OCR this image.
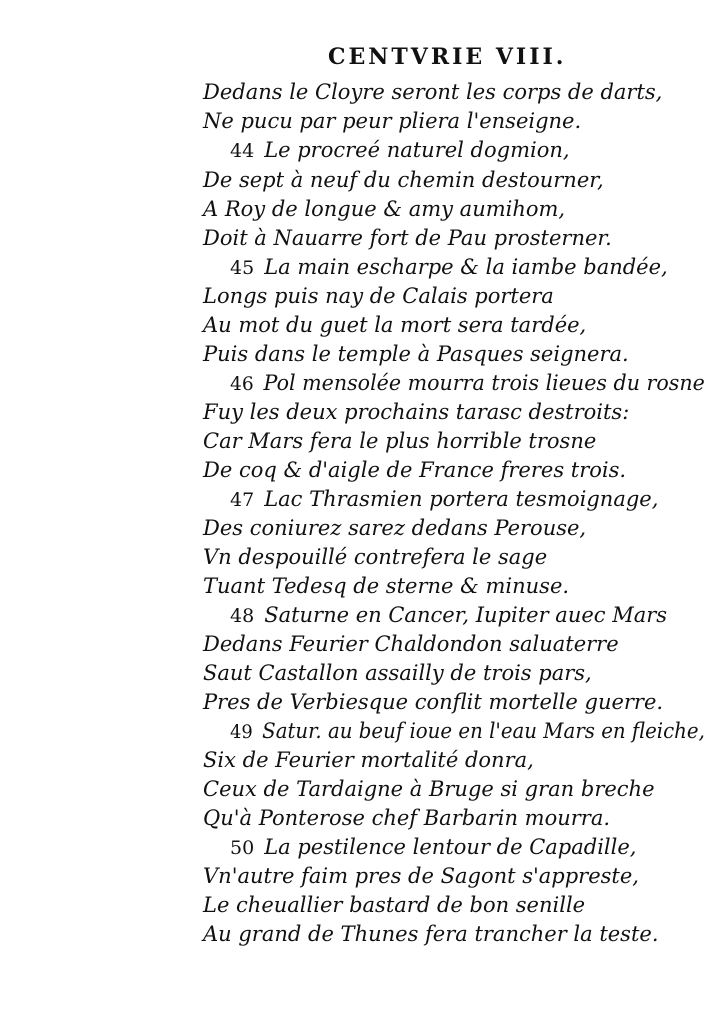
CENTVRIE VIII.
Dedans le Cloyre seront les corps de darts,
Ne pucu par peur pliera l'enseigne.
44 Le procreé naturel dogmion,
De sept à neuf du chemin destourner,
A Roy de longue & amy aumihom,
Doit à Nauarre fort de Pau prosterner.
45 La main escharpe & la iambe bandée,
Longs puis nay de Calais portera
Au mot du guet la mort sera tardée,
Puis dans le temple à Pasques seignera.
46 Pol mensolée mourra trois lieues du rosne
Fuy les deux prochains tarasc destroits:
Car Mars fera le plus horrible trosne
De coq & d'aigle de France freres trois.
47 Lac Thrasmien portera tesmoignage,
Des coniurez sarez dedans Perouse,
Vn despouillé contrefera le sage
Tuant Tedesq de sterne & minuse.
48 Saturne en Cancer, Iupiter auec Mars
Dedans Feurier Chaldondon saluaterre
Saut Castallon assailly de trois pars,
Pres de Verbiesque conflit mortelle guerre.
49 Satur. au beuf ioue en l'eau Mars en fleiche,
Six de Feurier mortalité donra,
Ceux de Tardaigne à Bruge si gran breche
Qu'à Ponterose chef Barbarin mourra.
50 La pestilence lentour de Capadille,
Vn'autre faim pres de Sagont s'appreste,
Le cheuallier bastard de bon senille
Au grand de Thunes fera trancher la teste.
